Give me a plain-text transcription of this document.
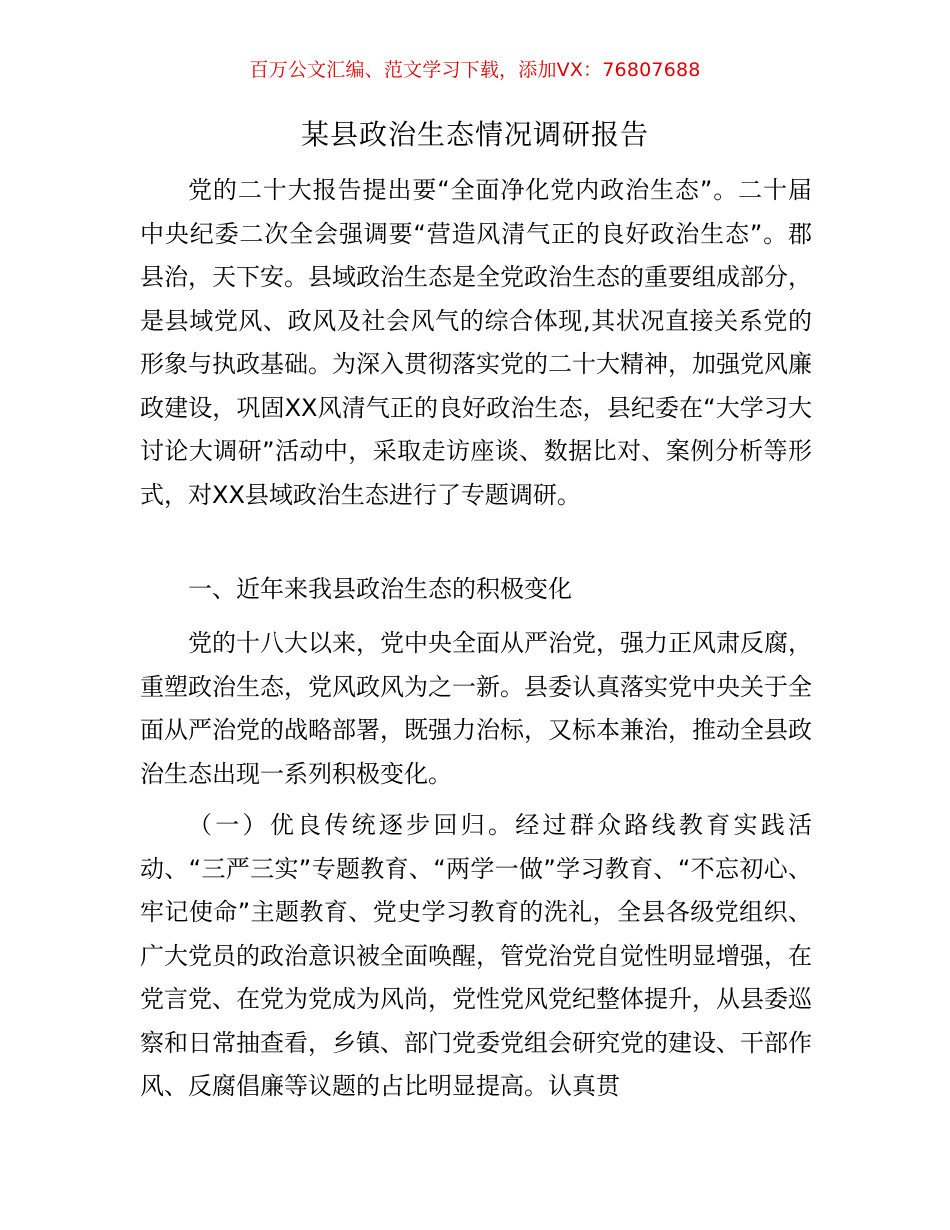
百万公文汇编、范文学习下载，添加VX：76807688
某县政治生态情况调研报告

党的二十大报告提出要“全面净化党内政治生态”。二十届中央纪委二次全会强调要“营造风清气正的良好政治生态”。郡县治，天下安。县域政治生态是全党政治生态的重要组成部分，是县域党风、政风及社会风气的综合体现,其状况直接关系党的形象与执政基础。为深入贯彻落实党的二十大精神，加强党风廉政建设，巩固XX风清气正的良好政治生态，县纪委在“大学习大讨论大调研”活动中，采取走访座谈、数据比对、案例分析等形式，对XX县域政治生态进行了专题调研。

一、近年来我县政治生态的积极变化

党的十八大以来，党中央全面从严治党，强力正风肃反腐，重塑政治生态，党风政风为之一新。县委认真落实党中央关于全面从严治党的战略部署，既强力治标，又标本兼治，推动全县政治生态出现一系列积极变化。

（一）优良传统逐步回归。经过群众路线教育实践活动、“三严三实”专题教育、“两学一做”学习教育、“不忘初心、牢记使命”主题教育、党史学习教育的洗礼，全县各级党组织、广大党员的政治意识被全面唤醒，管党治党自觉性明显增强，在党言党、在党为党成为风尚，党性党风党纪整体提升，从县委巡察和日常抽查看，乡镇、部门党委党组会研究党的建设、干部作风、反腐倡廉等议题的占比明显提高。认真贯
